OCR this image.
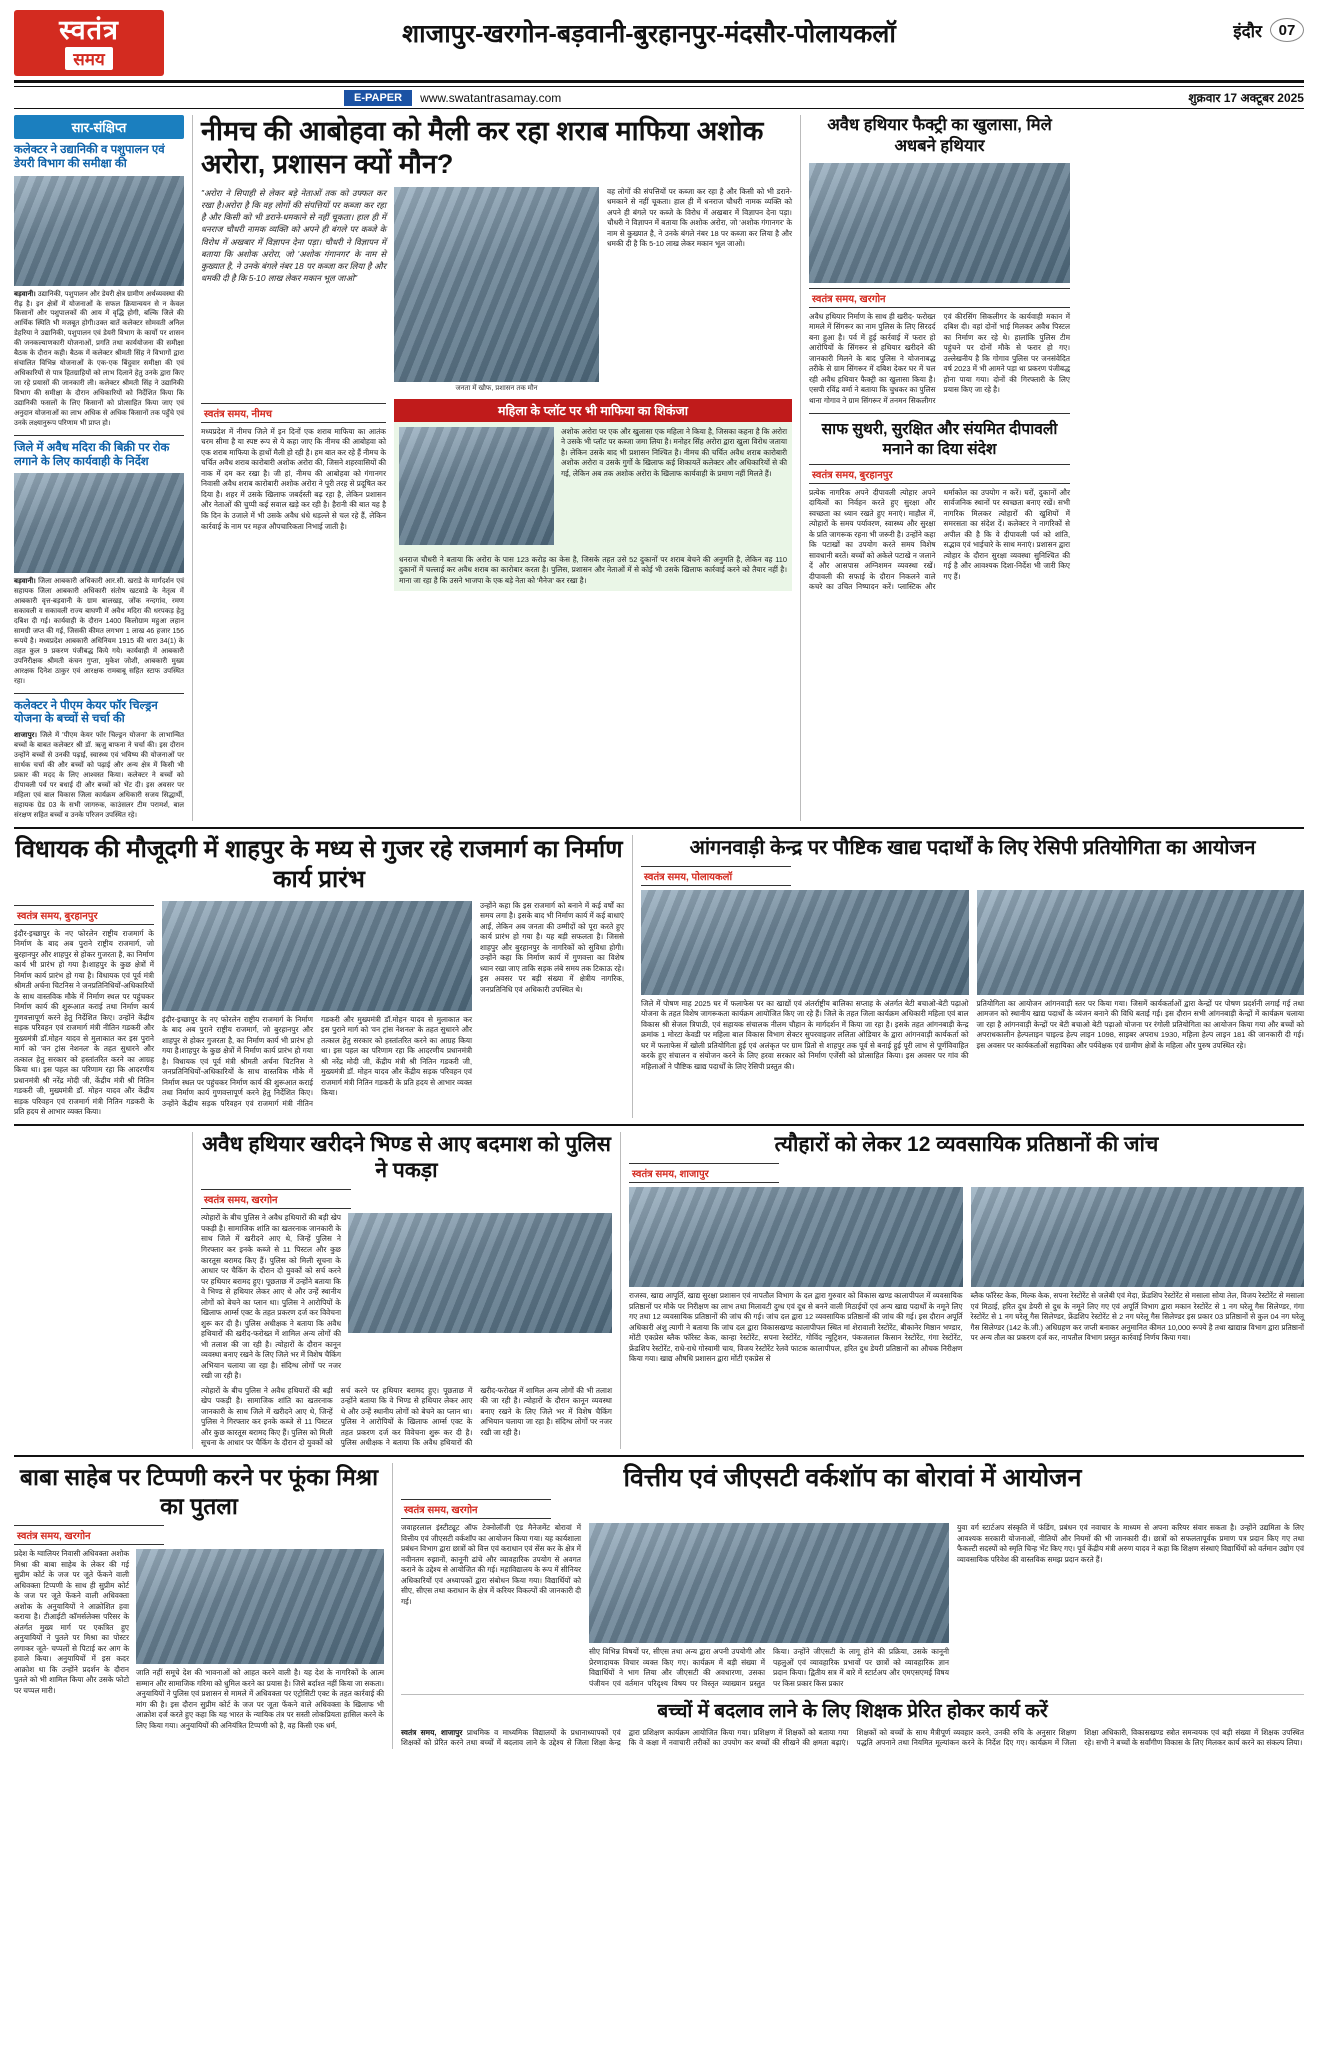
स्वतंत्र
समय
शाजापुर-खरगोन-बड़वानी-बुरहानपुर-मंदसौर-पोलायकलॉ	इंदौर	07
E-PAPER	www.swatantrasamay.com	शुक्रवार 17 अक्टूबर 2025
सार-संक्षिप्त
कलेक्टर ने उद्यानिकी व पशुपालन एवं डेयरी विभाग की समीक्षा की
बड़वानी। उद्यानिकी, पशुपालन और डेयरी क्षेत्र ग्रामीण अर्थव्यवस्था की रीढ़ है। इन क्षेत्रों में योजनाओं के सफल क्रियान्वयन से न केवल किसानों और पशुपालकों की आय में वृद्धि होगी, बल्कि जिले की आर्थिक स्थिति भी मजबूत होगी।उक्त बातें कलेक्टर सोमवती अनिल डेहरिया ने उद्यानिकी, पशुपालन एवं डेयरी विभाग के कार्यो पर शासन की जनकल्याणकारी योजनाओं, प्रगति तथा कार्ययोजना की समीक्षा बैठक के दौरान कही। बैठक में कलेक्टर श्रीमती सिंह ने विभागों द्वारा संचालित विभिन्न योजनाओं के एक-एक बिंदुवार समीक्षा की एवं अधिकारियों से पात्र हितग्राहियों को लाभ दिलाने हेतु उनके द्वारा किए जा रहे प्रयासों की जानकारी ली। कलेक्टर श्रीमती सिंह ने उद्यानिकी विभाग की समीक्षा के दौरान अधिकारियों को निर्देशित किया कि उद्यानिकी फसलों के लिए किसानों को प्रोत्साहित किया जाए एवं अनुदान योजनाओं का लाभ अधिक से अधिक किसानों तक पहुँचे एवं उनके लक्ष्यानुरूप परिणाम भी प्राप्त हो।
जिले में अवैध मदिरा की बिक्री पर रोक लगाने के लिए कार्यवाही के निर्देश
बड़वानी। जिला आबकारी अधिकारी आर.सी. खराडे के मार्गदर्शन एवं सहायक जिला आबकारी अधिकारी संतोष खटवाडे के नेतृत्व में आबकारी वृत्त-बड़वानी के ग्राम बालखड़, जोंक नन्दगांव, रमण सकावली व सकावली राज्य बाघणी में अवैध मदिरा की धरपकड़ हेतु दबिश दी गई। कार्यवाही के दौरान 1400 किलोग्राम महुआ लहान सामग्री जप्त की गई, जिसकी कीमत लगभग 1 लाख 46 हजार 156 रूपये है। मध्यप्रदेश आबकारी अधिनियम 1915 की धारा 34(1) के तहत कुल 9 प्रकरण पंजीबद्ध किये गये। कार्यवाही में आबकारी उपनिरीक्षक श्रीमती कंचन गुप्ता, मुकेश जोशी, आबकारी मुख्य आरक्षक दिनेश ठाकुर एवं आरक्षक रामबाबू सहित स्टाफ उपस्थित रहा।
कलेक्टर ने पीएम केयर फॉर चिल्ड्रन योजना के बच्चों से चर्चा की
शाजापुर। जिले में 'पीएम केयर फॉर चिल्ड्रन योजना' के लाभान्वित बच्चों के बाबत कलेक्टर श्री डॉ. ऋजु बाफना ने चर्चा की। इस दौरान उन्होंने बच्चों से उनकी पढ़ाई, स्वास्थ्य एवं भविष्य की योजनाओं पर सार्थक चर्चा की और बच्चों को पढ़ाई और अन्य क्षेत्र में किसी भी प्रकार की मदद के लिए आश्वस्त किया। कलेक्टर ने बच्चों को दीपावली पर्व पर बधाई दी और बच्चों को भेंट दी। इस अवसर पर महिला एवं बाल विकास जिला कार्यक्रम अधिकारी सजय सिद्धार्थी, सहायक ग्रेड 03 के सभी जागरुक, काउंसलर टीम परामर्श, बाल संरक्षण सहित बच्चों व उनके परिजन उपस्थित रहे।
नीमच की आबोहवा को मैली कर रहा शराब माफिया अशोक अरोरा, प्रशासन क्यों मौन?
"अरोरा ने सिपाही से लेकर बड़े नेताओं तक को उफ्फत कर रखा है।अरोरा है कि वह लोगों की संपत्तियों पर कब्जा कर रहा है और किसी को भी डराने-धमकाने से नहीं चूकता। हाल ही में धनराज चौधरी नामक व्यक्ति को अपने ही बंगले पर कब्जे के विरोध में अखबार में विज्ञापन देना पड़ा। चौधरी ने विज्ञापन में बताया कि अशोक अरोरा, जो 'अशोक गंगानगर' के नाम से कुख्यात है, ने उनके बंगले नंबर 18 पर कब्जा कर लिया है और धमकी दी है कि 5-10 लाख लेकर मकान भूल जाओ"
जनता में खौफ, प्रशासन तक मौन
वह लोगों की संपत्तियों पर कब्जा कर रहा है और किसी को भी डराने-धमकाने से नहीं चूकता। हाल ही में धनराज चौधरी नामक व्यक्ति को अपने ही बंगले पर कब्जे के विरोध में अखबार में विज्ञापन देना पड़ा। चौधरी ने विज्ञापन में बताया कि अशोक अरोरा, जो 'अशोक गंगानगर' के नाम से कुख्यात है, ने उनके बंगले नंबर 18 पर कब्जा कर लिया है और धमकी दी है कि 5-10 लाख लेकर मकान भूल जाओ।
स्वतंत्र समय, नीमच
मध्यप्रदेश में नीमच जिले में इन दिनों एक शराब माफिया का आतंक चरम सीमा है या स्पष्ट रूप से ये कहा जाए कि नीमच की आबोहवा को एक शराब माफिया के हाथों मैली हो रही है। हम बात कर रहे हैं नीमच के चर्चित अवैध शराब कारोबारी अशोक अरोरा की, जिसने शहरवासियों की नाक में दम कर रखा है। जी हां, नीमच की आबोहवा को गंगानगर निवासी अवैध शराब कारोबारी अशोक अरोरा ने पूरी तरह से प्रदूषित कर दिया है। शहर में उसके खिलाफ जबर्दस्ती बढ़ रहा है, लेकिन प्रशासन और नेताओं की चुप्पी कई सवाल खड़े कर रही है। हैरानी की बात यह है कि दिन के उजाले में भी उसके अवैध धंधे धड़ल्ले से चल रहे हैं, लेकिन कार्रवाई के नाम पर महज औपचारिकता निभाई जाती है।
महिला के प्लॉट पर भी माफिया का शिकंजा
अशोक अरोरा पर एक और खुलासा एक महिला ने किया है, जिसका कहना है कि अरोरा ने उसके भी प्लॉट पर कब्जा जमा लिया है। मनोहर सिंह अरोरा द्वारा खुला विरोध जताया है। लेकिन उसके बाद भी प्रशासन निश्चित है। नीमच की चर्चित अवैध शराब कारोबारी अशोक अरोरा व उसके गुर्गो के खिलाफ कई शिकायतें कलेक्टर और अधिकारियों से की गई, लेकिन अब तक अशोक अरोरा के खिलाफ कार्यवाही के प्रमाण नहीं मिलते हैं।
धनराज चौधरी ने बताया कि अरोरा के पास 123 करोड़ का केस है, जिसके तहत उसे 52 दुकानों पर शराब बेचने की अनुमति है, लेकिन वह 110 दुकानों में चल्लाई कर अवैध शराब का कारोबार करता है। पुलिस, प्रशासन और नेताओं में से कोई भी उसके खिलाफ कार्रवाई करने को तैयार नहीं है। माना जा रहा है कि उसने भाजपा के एक बड़े नेता को 'मैनेज' कर रखा है।
अवैध हथियार फैक्ट्री का खुलासा, मिले अधबने हथियार
स्वतंत्र समय, खरगोन
अवैध हथियार निर्माण के साथ ही खरीद- फरोख्त मामले में सिंगरूर का नाम पुलिस के लिए सिरदर्द बना हुआ है। पर्व में हुई कार्रवाई में फरार हो आरोपियों के सिंगरूर से हथियार खरीदने की जानकारी मिलने के बाद पुलिस ने योजनाबद्ध तरीके से ग्राम सिंगरूर में दबिश देकर घर में चल रही अवैध हथियार फैक्ट्री का खुलासा किया है। एसपी रविंद्र वर्मा ने बताया कि चुधकर का पुलिस थाना गोगाव ने ग्राम सिंगरूर में तनमन सिकलीगर एवं कीरसिंग सिकलीगर के कार्यवाही मकान में दबिश दी। वहां दोनों भाई मिलकर अवैध पिस्टल का निर्माण कर रहे थे। हालांकि पुलिस टीम पहुंचने पर दोनों मौके से फरार हो गए। उल्लेखनीय है कि गोगाव पुलिस पर जनसंवेदित वर्ष 2023 में भी आमने पड़ा था प्रकरण पंजीबद्ध होना पाया गया। दोनों की गिरफ्तारी के लिए प्रयास किए जा रहे है।
साफ सुथरी, सुरक्षित और संयमित दीपावली मनाने का दिया संदेश
स्वतंत्र समय, बुरहानपुर
प्रत्येक नागरिक अपने दीपावली त्योहार अपने दायित्वों का निर्वहन करते हुए सुरक्षा और स्वच्छता का ध्यान रखते हुए मनाएं। माहौल में, त्योहारों के समय पर्यावरण, स्वास्थ्य और सुरक्षा के प्रति जागरूक रहना भी जरूरी है। उन्होंने कहा कि पटाखों का उपयोग करते समय विशेष सावधानी बरतें। बच्चों को अकेले पटाखे न जलाने दें और आसपास अग्निशमन व्यवस्था रखें। दीपावली की सफाई के दौरान निकलने वाले कचरे का उचित निष्पादन करें। प्लास्टिक और थर्माकोल का उपयोग न करें। घरों, दुकानों और सार्वजनिक स्थानों पर स्वच्छता बनाए रखें। सभी नागरिक मिलकर त्योहारों की खुशियों में समरसता का संदेश दें। कलेक्टर ने नागरिकों से अपील की है कि वे दीपावली पर्व को शांति, सद्भाव एवं भाईचारे के साथ मनाएं। प्रशासन द्वारा त्योहार के दौरान सुरक्षा व्यवस्था सुनिश्चित की गई है और आवश्यक दिशा-निर्देश भी जारी किए गए हैं।
विधायक की मौजूदगी में शाहपुर के मध्य से गुजर रहे राजमार्ग का निर्माण कार्य प्रारंभ
स्वतंत्र समय, बुरहानपुर
इंदौर-इच्छापुर के नए फोरलेन राष्ट्रीय राजमार्ग के निर्माण के बाद अब पुराने राष्ट्रीय राजमार्ग, जो बुरहानपुर और शाहपुर से होकर गुजरता है, का निर्माण कार्य भी प्रारंभ हो गया है।शाहपुर के कुछ क्षेत्रों में निर्माण कार्य प्रारंभ हो गया है। विधायक एवं पूर्व मंत्री श्रीमती अर्चना चिटनिस ने जनप्रतिनिधियों-अधिकारियों के साथ वास्तविक मौके में निर्माण स्थल पर पहुंचकर निर्माण कार्य की शुरूआत कराई तथा निर्माण कार्य गुणवत्तापूर्ण करने हेतु निर्देशित किए। उन्होंने केंद्रीय सड़क परिवहन एवं राजमार्ग मंत्री नीतिन गडकरी और मुख्यमंत्री डॉ.मोहन यादव से मुलाकात कर इस पुराने मार्ग को 'वन ट्रांस नेशनल' के तहत सुधारने और तत्काल हेतु सरकार को हस्तांतरित करने का आग्रह किया था। इस पहल का परिणाम रहा कि आदरणीय प्रधानमंत्री श्री नरेंद्र मोदी जी, केंद्रीय मंत्री श्री नितिन गडकरी जी, मुख्यमंत्री डॉ. मोहन यादव और केंद्रीय सड़क परिवहन एवं राजमार्ग मंत्री नितिन गडकरी के प्रति हदय से आभार व्यक्त किया।
इंदौर-इच्छापुर के नए फोरलेन राष्ट्रीय राजमार्ग के निर्माण के बाद अब पुराने राष्ट्रीय राजमार्ग, जो बुरहानपुर और शाहपुर से होकर गुजरता है, का निर्माण कार्य भी प्रारंभ हो गया है।शाहपुर के कुछ क्षेत्रों में निर्माण कार्य प्रारंभ हो गया है। विधायक एवं पूर्व मंत्री श्रीमती अर्चना चिटनिस ने जनप्रतिनिधियों-अधिकारियों के साथ वास्तविक मौके में निर्माण स्थल पर पहुंचकर निर्माण कार्य की शुरूआत कराई तथा निर्माण कार्य गुणवत्तापूर्ण करने हेतु निर्देशित किए। उन्होंने केंद्रीय सड़क परिवहन एवं राजमार्ग मंत्री नीतिन गडकरी और मुख्यमंत्री डॉ.मोहन यादव से मुलाकात कर इस पुराने मार्ग को 'वन ट्रांस नेशनल' के तहत सुधारने और तत्काल हेतु सरकार को हस्तांतरित करने का आग्रह किया था। इस पहल का परिणाम रहा कि आदरणीय प्रधानमंत्री श्री नरेंद्र मोदी जी, केंद्रीय मंत्री श्री नितिन गडकरी जी, मुख्यमंत्री डॉ. मोहन यादव और केंद्रीय सड़क परिवहन एवं राजमार्ग मंत्री नितिन गडकरी के प्रति हदय से आभार व्यक्त किया।
उन्होंने कहा कि इस राजमार्ग को बनाने में कई वर्षों का समय लगा है। इसके बाद भी निर्माण कार्य में कई बाधाएं आईं, लेकिन अब जनता की उम्मीदों को पूरा करते हुए कार्य प्रारंभ हो गया है। यह बड़ी सफलता है। जिससे शाहपुर और बुरहानपुर के नागरिकों को सुविधा होगी। उन्होंने कहा कि निर्माण कार्य में गुणवत्ता का विशेष ध्यान रखा जाए ताकि सड़क लंबे समय तक टिकाऊ रहे। इस अवसर पर बड़ी संख्या में क्षेत्रीय नागरिक, जनप्रतिनिधि एवं अधिकारी उपस्थित थे।
आंगनवाड़ी केन्द्र पर पौष्टिक खाद्य पदार्थों के लिए रेसिपी प्रतियोगिता का आयोजन
स्वतंत्र समय, पोलायकलॉ
जिले में पोषण माह 2025 घर में फलाफेस पर का खाद्यों एवं अंतर्राष्ट्रीय बालिका सप्ताह के अंतर्गत बेटी बचाओ-बेटी पढ़ाओ योजना के तहत विशेष जागरूकता कार्यक्रम आयोजित किए जा रहे हैं। जिले के तहत जिला कार्यक्रम अधिकारी महिला एवं बाल विकास श्री सेजल त्रिपाठी, एवं सहायक संचालक नीलम चौहान के मार्गदर्शन में किया जा रहा है। इसके तहत आंगनबाड़ी केन्द्र क्रमांक 1 मोरटा केवडी पर महिला बाल विकास विभाग सेक्टर सुपरवाइजर ललिता ओडियार के द्वारा आंगनवाड़ी कार्यकर्ता को घर में फलाफेस में खोली प्रतियोगिता हुई एवं अलंकृत पर ग्राम प्रितो से शाहपुर तक पूर्व से बनाई हुई पूरी लाभ से पूर्णविवाहित करके हुए संचालन व संयोजन करने के लिए हरवा सरकार को निर्माण एजेंसी को प्रोत्साहित किया। इस अवसर पर गांव की महिलाओं ने पौष्टिक खाद्य पदार्थों के लिए रेसिपी प्रस्तुत की।
प्रतियोगिता का आयोजन आंगनवाड़ी स्तर पर किया गया। जिसमें कार्यकर्ताओं द्वारा केन्द्रों पर पोषण प्रदर्शनी लगाई गई तथा आमजन को स्थानीय खाद्य पदार्थों के व्यंजन बनाने की विधि बताई गई। इस दौरान सभी आंगनबाड़ी केन्द्रों में कार्यक्रम चलाया जा रहा है आंगनवाड़ी केन्द्रों पर बेटी बचाओ बेटी पढ़ाओ योजना पर रंगोली प्रतियोगिता का आयोजन किया गया और बच्चों को अपराधकालीन हेल्पलाइन चाइल्ड हेल्प लाइन 1098, साइबर अपराध 1930, महिला हेल्प लाइन 181 की जानकारी दी गई। इस अवसर पर कार्यकर्ताओं सहायिका और पर्यवेक्षक एवं ग्रामीण क्षेत्रों के महिला और पुरुष उपस्थित रहे।
अवैध हथियार खरीदने भिण्ड से आए बदमाश को पुलिस ने पकड़ा
स्वतंत्र समय, खरगोन
त्योहारों के बीच पुलिस ने अवैध हथियारों की बड़ी खेप पकड़ी है। सामाजिक शांति का खतरनाक जानकारी के साथ जिले में खरीदने आए थे, जिन्हें पुलिस ने गिरफ्तार कर इनके कब्जे से 11 पिस्टल और कुछ कारतूस बरामद किए हैं। पुलिस को मिली सूचना के आधार पर चैकिंग के दौरान दो युवकों को सर्च करने पर हथियार बरामद हुए। पूछताछ में उन्होंने बताया कि वे भिण्ड से हथियार लेकर आए थे और उन्हें स्थानीय लोगों को बेचने का प्लान था। पुलिस ने आरोपियों के खिलाफ आर्म्स एक्ट के तहत प्रकरण दर्ज कर विवेचना शुरू कर दी है। पुलिस अधीक्षक ने बताया कि अवैध हथियारों की खरीद-फरोख्त में शामिल अन्य लोगों की भी तलाश की जा रही है। त्योहारों के दौरान कानून व्यवस्था बनाए रखने के लिए जिले भर में विशेष चैकिंग अभियान चलाया जा रहा है। संदिग्ध लोगों पर नजर रखी जा रही है।
त्योहारों के बीच पुलिस ने अवैध हथियारों की बड़ी खेप पकड़ी है। सामाजिक शांति का खतरनाक जानकारी के साथ जिले में खरीदने आए थे, जिन्हें पुलिस ने गिरफ्तार कर इनके कब्जे से 11 पिस्टल और कुछ कारतूस बरामद किए हैं। पुलिस को मिली सूचना के आधार पर चैकिंग के दौरान दो युवकों को सर्च करने पर हथियार बरामद हुए। पूछताछ में उन्होंने बताया कि वे भिण्ड से हथियार लेकर आए थे और उन्हें स्थानीय लोगों को बेचने का प्लान था। पुलिस ने आरोपियों के खिलाफ आर्म्स एक्ट के तहत प्रकरण दर्ज कर विवेचना शुरू कर दी है। पुलिस अधीक्षक ने बताया कि अवैध हथियारों की खरीद-फरोख्त में शामिल अन्य लोगों की भी तलाश की जा रही है। त्योहारों के दौरान कानून व्यवस्था बनाए रखने के लिए जिले भर में विशेष चैकिंग अभियान चलाया जा रहा है। संदिग्ध लोगों पर नजर रखी जा रही है।
त्यौहारों को लेकर 12 व्यवसायिक प्रतिष्ठानों की जांच
स्वतंत्र समय, शाजापुर
राजस्व, खाद्य आपूर्ति, खाद्य सुरक्षा प्रशासन एवं नापतौल विभाग के दल द्वारा गुरुवार को विकास खण्ड कालापीपल में व्यवसायिक प्रतिष्ठानों पर मौके पर निरीक्षण का लाभ तथा मिलावटी दुग्ध एवं दूध से बनने वाली मिठाईयों एवं अन्य खाद्य पदार्थों के नमूने लिए गए तथा 12 व्यवसायिक प्रतिष्ठानों की जांच की गई। जांच दल द्वारा 12 व्यवसायिक प्रतिष्ठानों की जांच की गई। इस दौरान अपूर्ति अधिकारी अंशु त्यागी ने बताया कि जांच दल द्वारा विकासखण्ड कालापीपल स्थित मां शेरावाली रेस्टोरेंट, बीकानेर मिष्ठान भण्डार, मोंटी एकप्रेस ब्लैक फॉरेस्ट केक, कान्हा रेस्टोरेंट, सपना रेस्टोरेंट, गोविंद न्यूट्रिशन, पंकजलाल किसान रेस्टोरेंट, गंगा रेस्टोरेंट, फ्रेंडशिप रेस्टोरेंट, राधे-राधे गोस्वामी चाय, विजय रेस्टोरेंट रेलवे फाटक कालापीपल, हरित दुध डेयरी प्रतिष्ठानों का औचक निरीक्षण किया गया। खाद्य औषधि प्रशासन द्वारा मोंटी एकप्रेस से
ब्लैक फॉरेस्ट केक, मिल्क केक, सपना रेस्टोरेंट से जलेबी एवं मेदा, फ्रेंडशिप रेस्टोरेंट से मसाला सोया तेल, विजय रेस्टोरेंट से मसाला एवं मिठाई, हरित दुध डेयरी से दुध के नमूने लिए गए एवं अपूर्ति विभाग द्वारा मकान रेस्टोरेंट से 1 नग घरेलू गैस सिलेण्डर, गंगा रेस्टोरेंट से 1 नग घरेलू गैस सिलेण्डर, फ्रेंडशिप रेस्टोरेंट से 2 नग घरेलू गैस सिलेण्डर इस प्रकार 03 प्रतिष्ठानों से कुल 04 नग घरेलू गैस सिलेण्डर (142 के.जी.) अधिग्रहण कर जप्ती बनाकर अनुमानित कीमत 10,000 रूपये है तथा खाद्यान्न विभाग द्वारा प्रतिष्ठानों पर अन्य तौल का प्रकरण दर्ज कर, नापतौल विभाग प्रस्तुत कार्रवाई निर्णय किया गया।
बाबा साहेब पर टिप्पणी करने पर फूंका मिश्रा का पुतला
स्वतंत्र समय, खरगोन
प्रदेश के ग्वालियर निवासी अधिवक्ता अशोक मिश्रा की बाबा साहेब के लेकर की गई सुप्रीम कोर्ट के जज पर जूते फेंकने वाली अधिवक्ता टिप्पणी के साथ ही सुप्रीम कोर्ट के जज पर जूते फेंकने वाली अधिवक्ता अशोक के अनुयायियों ने आक्रोशित हवा कराया है। टीआईटी कॉमर्सलेक्स परिसर के अंतर्गत मुख्य मार्ग पर एकत्रित हुए अनुयायियों ने पुतले पर मिश्रा का पोस्टर लगाकर जूते- चप्पलों से पिटाई कर आग के हवाले किया। अनुयायियों में इस कदर आक्रोश था कि उन्होंने प्रदर्शन के दौरान पुतले को भी शामिल किया और उसके फोटो पर चप्पल मारी।
जाति नहीं समूचे देश की भावनाओं को आहत करने वाली है। यह देश के नागरिकों के आत्म सम्मान और सामाजिक गरिमा को धुमिल करने का प्रयास है। जिसे बर्दाश्त नहीं किया जा सकता। अनुयायियों ने पुलिस एवं प्रशासन से मामले में अधिवक्ता पर एट्रोसिटी एक्ट के तहत कार्रवाई की मांग की है। इस दौरान सुप्रीम कोर्ट के जज पर जूता फेंकने वाले अधिवक्ता के खिलाफ भी आक्रोश दर्ज करते हुए कहा कि यह भारत के न्यायिक तंत्र पर सस्ती लोकप्रियता हासिल करने के लिए किया गया। अनुयायियों की अनियंत्रित टिप्पणी को है, वह किसी एक धर्म,
वित्तीय एवं जीएसटी वर्कशॉप का बोरावां में आयोजन
स्वतंत्र समय, खरगोन
जवाहरलाल इंस्टीट्यूट ऑफ टेक्नोलॉजी एंड मैनेजमेंट बोरावां में वित्तीय एवं जीएसटी वर्कशॉप का आयोजन किया गया। यह कार्यशाला प्रबंधन विभाग द्वारा छात्रों को वित्त एवं कराधान एवं सेंस कर के क्षेत्र में नवीनतम रुझानों, कानूनी ढांचे और व्यावहारिक उपयोग से अवगत कराने के उद्देश्य से आयोजित की गई। महाविद्यालय के रूप में सीनियर अधिकारियों एवं अध्यापकों द्वारा संबोधन किया गया। विद्यार्थियों को सीए, सीएस तथा कराधान के क्षेत्र में करियर विकल्पों की जानकारी दी गई।
सीए विभिन्न विषयों पर, सीएस तथा अन्य द्वारा अपनी उपयोगी और प्रेरणादायक विचार व्यक्त किए गए। कार्यक्रम में बड़ी संख्या में विद्यार्थियों ने भाग लिया और जीएसटी की अवधारणा, उसका पंजीयन एवं वर्तमान परिदृश्य विषय पर विस्तृत व्याख्यान प्रस्तुत किया। उन्होंने जीएसटी के लागू होने की प्रक्रिया, उसके कानूनी पहलुओं एवं व्यावहारिक प्रभावों पर छात्रों को व्यावहारिक ज्ञान प्रदान किया। द्वितीय सत्र में बारे में स्टार्टअप और एमएसएमई विषय पर किस प्रकार किस प्रकार
युवा वर्ग स्टार्टअप संस्कृति में फंडिंग, प्रबंधन एवं नवाचार के माध्यम से अपना करियर संवार सकता है। उन्होंने उद्यमिता के लिए आवश्यक सरकारी योजनाओं, नीतियों और नियमों की भी जानकारी दी। छात्रों को सफलतापूर्वक प्रमाण पत्र प्रदान किए गए तथा फैकल्टी सदस्यों को स्मृति चिन्ह भेंट किए गए। पूर्व केंद्रीय मंत्री अरुण यादव ने कहा कि शिक्षण संस्थाएं विद्यार्थियों को वर्तमान उद्योग एवं व्यावसायिक परिवेश की वास्तविक समझ प्रदान करते हैं।
बच्चों में बदलाव लाने के लिए शिक्षक प्रेरित होकर कार्य करें
स्वतंत्र समय, शाजापुर प्राथमिक व माध्यमिक विद्यालयों के प्रधानाध्यापकों एवं शिक्षकों को प्रेरित करने तथा बच्चों में बदलाव लाने के उद्देश्य से जिला शिक्षा केन्द्र द्वारा प्रशिक्षण कार्यक्रम आयोजित किया गया। प्रशिक्षण में शिक्षकों को बताया गया कि वे कक्षा में नवाचारी तरीकों का उपयोग कर बच्चों की सीखने की क्षमता बढ़ाएं। शिक्षकों को बच्चों के साथ मैत्रीपूर्ण व्यवहार करने, उनकी रुचि के अनुसार शिक्षण पद्धति अपनाने तथा नियमित मूल्यांकन करने के निर्देश दिए गए। कार्यक्रम में जिला शिक्षा अधिकारी, विकासखण्ड स्त्रोत समन्वयक एवं बड़ी संख्या में शिक्षक उपस्थित रहे। सभी ने बच्चों के सर्वांगीण विकास के लिए मिलकर कार्य करने का संकल्प लिया।
